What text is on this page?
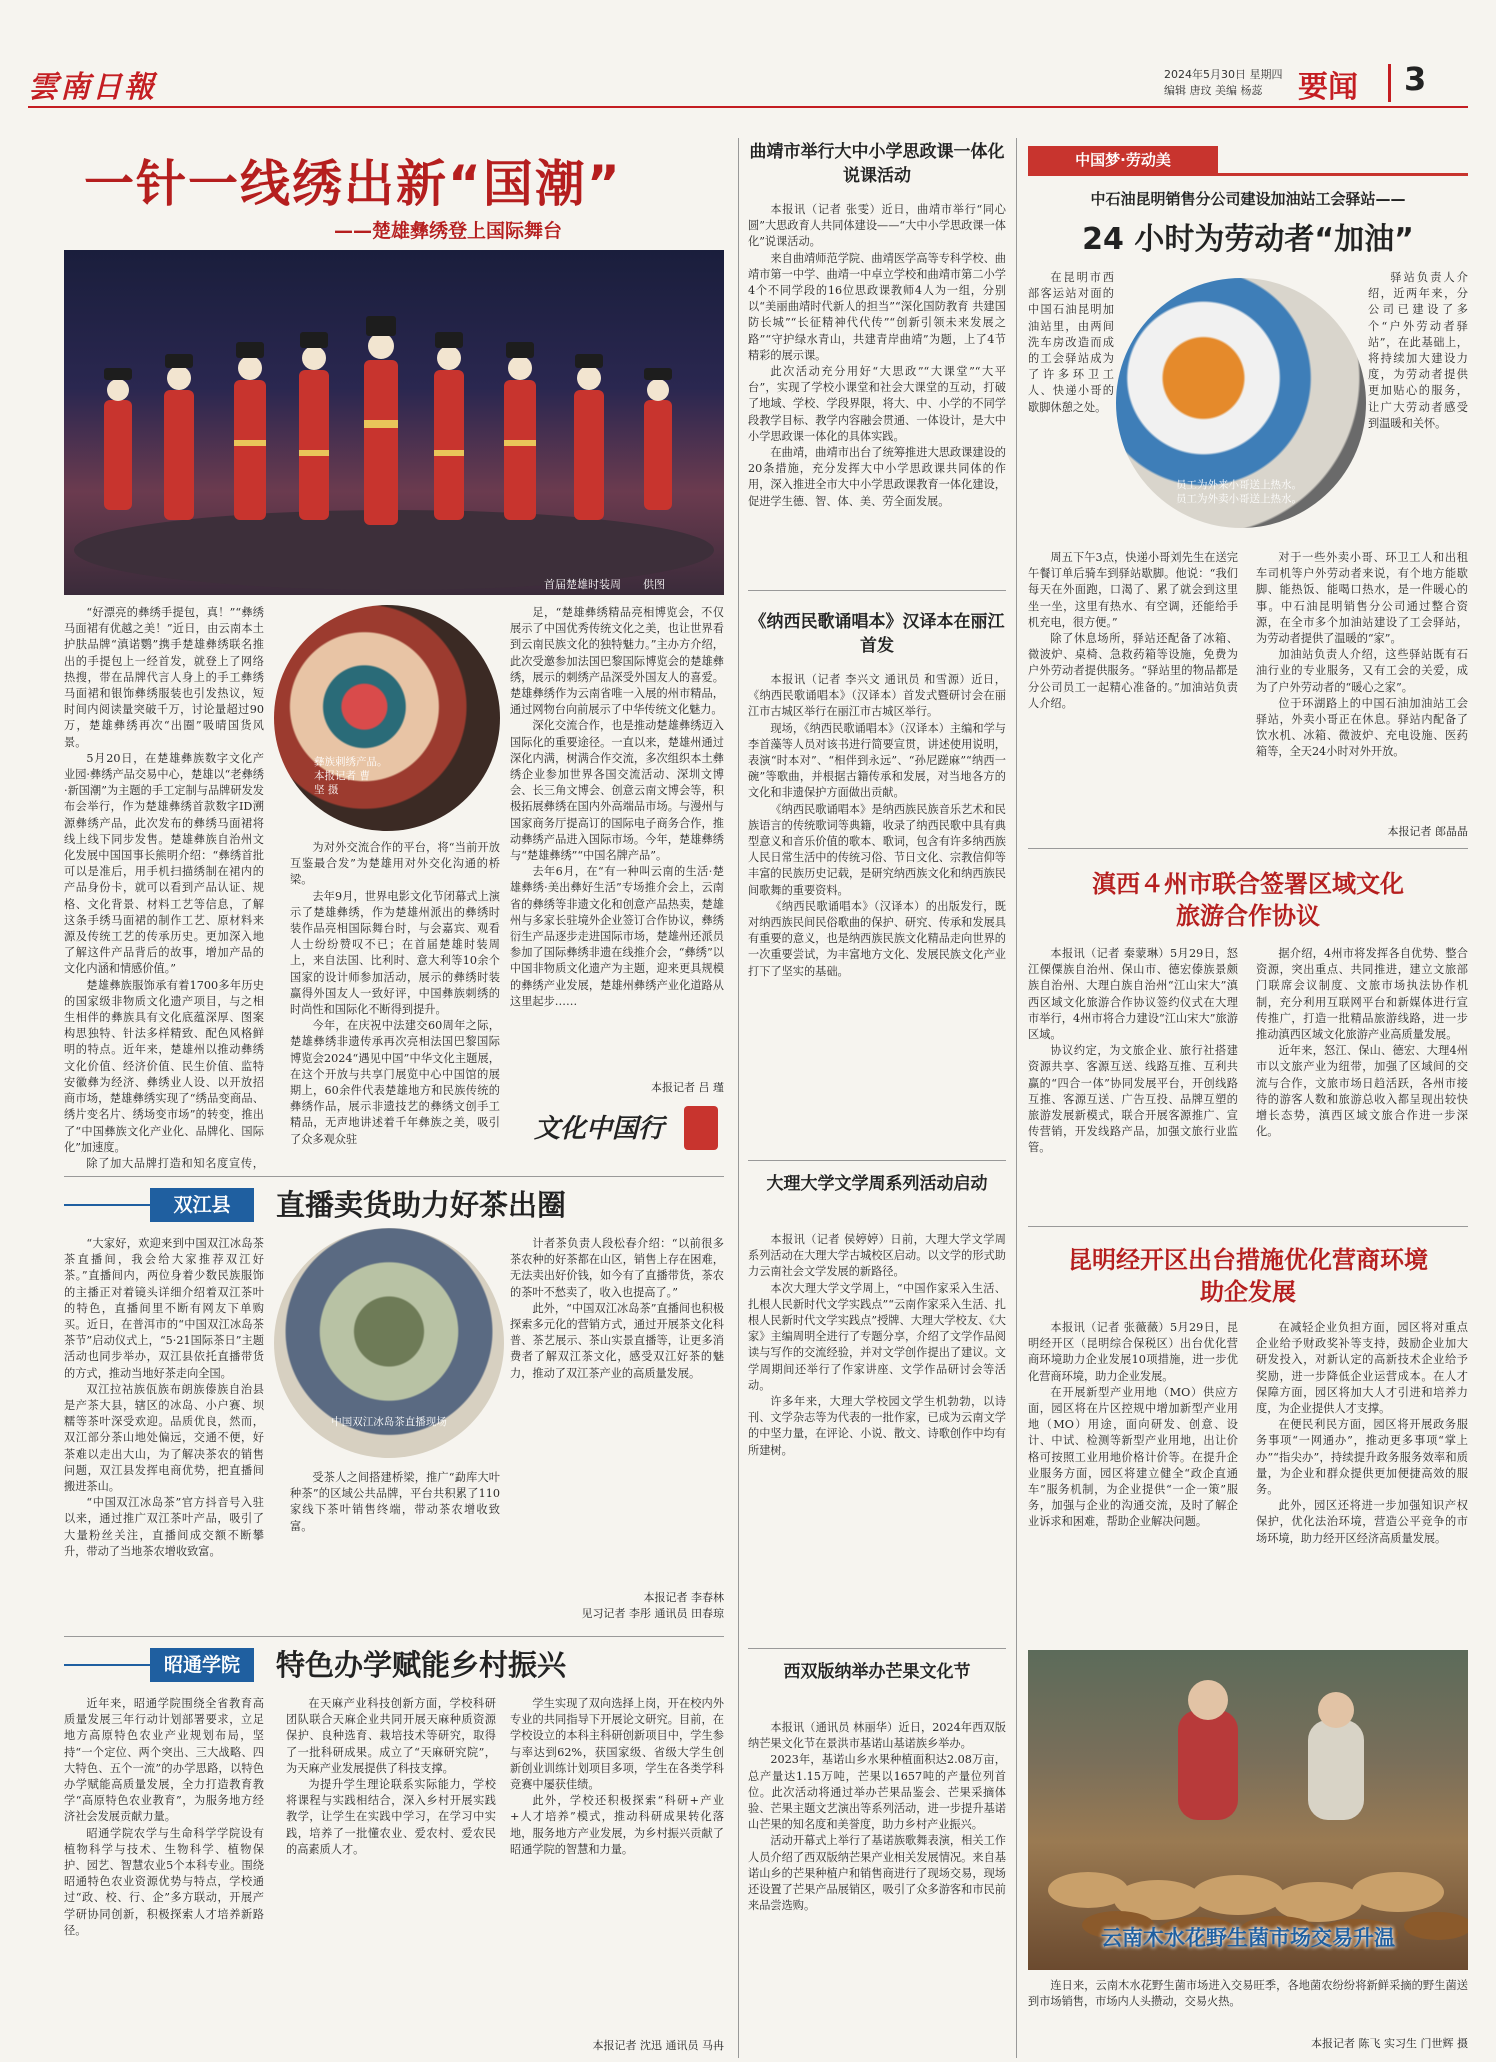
雲南日報	2024年5月30日 星期四
编辑 唐玟 美编 杨蕊	要闻	3
一针一线绣出新“国潮”
——楚雄彝绣登上国际舞台
首届楚雄时装周　　供图

“好漂亮的彝绣手提包，真！”“彝绣马面裙有优越之美！”近日，由云南本土护肤品牌“滇诺鹦”携手楚雄彝绣联名推出的手提包上一经首发，就登上了网络热搜，带在品牌代言人身上的手工彝绣马面裙和银饰彝绣服装也引发热议，短时间内阅读量突破千万，讨论量超过90万，楚雄彝绣再次“出圈”吸晴国货风景。

5月20日，在楚雄彝族数字文化产业园·彝绣产品交易中心，楚雄以“老彝绣·新国潮”为主题的手工定制与品牌研发发布会举行，作为楚雄彝绣首款数字ID溯源彝绣产品，此次发布的彝绣马面裙将线上线下同步发售。楚雄彝族自治州文化发展中国国事长熊明介绍：“彝绣首批可以是准后，用手机扫描绣制在裙内的产品身份卡，就可以看到产品认证、规格、文化背景、材料工艺等信息，了解这条手绣马面裙的制作工艺、原材料来源及传统工艺的传承历史。更加深入地了解这件产品背后的故事，增加产品的文化内涵和情感价值。”

楚雄彝族服饰承有着1700多年历史的国家级非物质文化遗产项目，与之相生相伴的彝族具有文化底蕴深厚、图案构思独特、针法多样精致、配色风格鲜明的特点。近年来，楚雄州以推动彝绣文化价值、经济价值、民生价值、监特安徽彝为经济、彝绣业人设、以开放招商市场，楚雄彝绣实现了“绣品变商品、绣片变名片、绣场变市场”的转变，推出了“中国彝族文化产业化、品牌化、国际化”加速度。

除了加大品牌打造和知名度宣传，

彝族刺绣产品。
本报记者 曹　
坚 摄

为对外交流合作的平台，将“当前开放互鉴最合发”为楚雄用对外交化沟通的桥梁。

去年9月，世界电影文化节闭幕式上演示了楚雄彝绣，作为楚雄州派出的彝绣时装作品亮相国际舞台时，与会嘉宾、观看人士纷纷赞叹不已；在首届楚雄时装周上，来自法国、比利时、意大利等10余个国家的设计师参加活动，展示的彝绣时装赢得外国友人一致好评，中国彝族刺绣的时尚性和国际化不断得到提升。

今年，在庆祝中法建交60周年之际，楚雄彝绣非遗传承再次亮相法国巴黎国际博览会2024“遇见中国”中华文化主题展，在这个开放与共享门展览中心中国馆的展期上，60余件代表楚雄地方和民族传统的彝绣作品，展示非遗技艺的彝绣文创手工精品，无声地讲述着千年彝族之美，吸引了众多观众驻

足，“楚雄彝绣精品亮相博览会，不仅展示了中国优秀传统文化之美，也让世界看到云南民族文化的独特魅力。”主办方介绍，此次受邀参加法国巴黎国际博览会的楚雄彝绣，展示的刺绣产品深受外国友人的喜爱。楚雄彝绣作为云南省唯一入展的州市精品，通过网物台向前展示了中华传统文化魅力。

深化交流合作，也是推动楚雄彝绣迈入国际化的重要途径。一直以来，楚雄州通过深化内满，树满合作交流，多次组织本土彝绣企业参加世界各国交流活动、深圳文博会、长三角文博会、创意云南文博会等，积极拓展彝绣在国内外高端品市场。与漫州与国家商务厅提高订的国际电子商务合作，推动彝绣产品进入国际市场。今年，楚雄彝绣与“楚雄彝绣”“中国名牌产品”。

去年6月，在“有一种叫云南的生活·楚雄彝绣·美出彝好生活”专场推介会上，云南省的彝绣等非遗文化和创意产品热卖，楚雄州与多家长驻境外企业签订合作协议，彝绣衍生产品逐步走进国际市场，楚雄州还派员参加了国际彝绣非遗在线推介会，“彝绣”以中国非物质文化遗产为主题，迎来更具规模的彝绣产业发展，楚雄州彝绣产业化道路从这里起步……

本报记者 吕 瑾
文化中国行
曲靖市举行大中小学思政课一体化说课活动

本报讯（记者 张雯）近日，曲靖市举行“同心圆”大思政育人共同体建设——“大中小学思政课一体化”说课活动。

来自曲靖师范学院、曲靖医学高等专科学校、曲靖市第一中学、曲靖一中卓立学校和曲靖市第二小学4个不同学段的16位思政课教师4人为一组，分别以“美丽曲靖时代新人的担当”“深化国防教育 共建国防长城”“长征精神代代传”“创新引领未来发展之路”“守护绿水青山，共建青岸曲靖”为题，上了4节精彩的展示课。

此次活动充分用好“大思政”“大课堂”“大平台”，实现了学校小课堂和社会大课堂的互动，打破了地域、学校、学段界限，将大、中、小学的不同学段教学目标、教学内容融会贯通、一体设计，是大中小学思政课一体化的具体实践。

在曲靖，曲靖市出台了统筹推进大思政课建设的20条措施，充分发挥大中小学思政课共同体的作用，深入推进全市大中小学思政课教育一体化建设，促进学生德、智、体、美、劳全面发展。

《纳西民歌诵唱本》汉译本在丽江首发

本报讯（记者 李兴文 通讯员 和雪源）近日，《纳西民歌诵唱本》（汉译本）首发式暨研讨会在丽江市古城区举行在丽江市古城区举行。

现场，《纳西民歌诵唱本》（汉译本）主编和学与李首藻等人员对该书进行简要宣贯，讲述使用说明，表演“时本对”、“相伴到永远”、“孙尼蹉麻”“纳西一碗”等歌曲，并根据古籍传承和发展，对当地各方的文化和非遗保护方面做出贡献。

《纳西民歌诵唱本》是纳西族民族音乐艺术和民族语言的传统歌词等典籍，收录了纳西民歌中具有典型意义和音乐价值的歌本、歌词，包含有许多纳西族人民日常生活中的传统习俗、节日文化、宗教信仰等丰富的民族历史记载，是研究纳西族文化和纳西族民间歌舞的重要资料。

《纳西民歌诵唱本》（汉译本）的出版发行，既对纳西族民间民俗歌曲的保护、研究、传承和发展具有重要的意义，也是纳西族民族文化精品走向世界的一次重要尝试，为丰富地方文化、发展民族文化产业打下了坚实的基础。

大理大学文学周系列活动启动

本报讯（记者 侯婷婷）日前，大理大学文学周系列活动在大理大学古城校区启动。以文学的形式助力云南社会文学发展的新路径。

本次大理大学文学周上，“中国作家采入生活、扎根人民新时代文学实践点”“云南作家采入生活、扎根人民新时代文学实践点”授牌、大理大学校友、《大家》主编周明全进行了专题分享，介绍了文学作品阅读与写作的交流经验，并对文学创作提出了建议。文学周期间还举行了作家讲座、文学作品研讨会等活动。

许多年来，大理大学校园文学生机勃勃，以诗刊、文学杂志等为代表的一批作家，已成为云南文学的中坚力量，在评论、小说、散文、诗歌创作中均有所建树。

西双版纳举办芒果文化节

本报讯（通讯员 林丽华）近日，2024年西双版纳芒果文化节在景洪市基诺山基诺族乡举办。

2023年，基诺山乡水果种植面积达2.08万亩，总产量达1.15万吨，芒果以1657吨的产量位列首位。此次活动将通过举办芒果品鉴会、芒果采摘体验、芒果主题文艺演出等系列活动，进一步提升基诺山芒果的知名度和美誉度，助力乡村产业振兴。

活动开幕式上举行了基诺族歌舞表演，相关工作人员介绍了西双版纳芒果产业相关发展情况。来自基诺山乡的芒果种植户和销售商进行了现场交易，现场还设置了芒果产品展销区，吸引了众多游客和市民前来品尝选购。

中国梦·劳动美
中石油昆明销售分公司建设加油站工会驿站——
24 小时为劳动者“加油”

在昆明市西部客运站对面的中国石油昆明加油站里，由两间洗车房改造而成的工会驿站成为了许多环卫工人、快递小哥的歇脚休憩之处。

员工为外来小哥送上热水。
员工为外卖小哥送上热水。

驿站负责人介绍，近两年来，分公司已建设了多个“户外劳动者驿站”，在此基础上，将持续加大建设力度，为劳动者提供更加贴心的服务，让广大劳动者感受到温暖和关怀。

周五下午3点，快递小哥刘先生在送完午餐订单后骑车到驿站歇脚。他说：“我们每天在外面跑，口渴了、累了就会到这里坐一坐，这里有热水、有空调，还能给手机充电，很方便。”

除了休息场所，驿站还配备了冰箱、微波炉、桌椅、急救药箱等设施，免费为户外劳动者提供服务。“驿站里的物品都是分公司员工一起精心准备的。”加油站负责人介绍。

对于一些外卖小哥、环卫工人和出租车司机等户外劳动者来说，有个地方能歇脚、能热饭、能喝口热水，是一件暖心的事。中石油昆明销售分公司通过整合资源，在全市多个加油站建设了工会驿站，为劳动者提供了温暖的“家”。

加油站负责人介绍，这些驿站既有石油行业的专业服务，又有工会的关爱，成为了户外劳动者的“暖心之家”。

位于环湖路上的中国石油加油站工会驿站，外卖小哥正在休息。驿站内配备了饮水机、冰箱、微波炉、充电设施、医药箱等，全天24小时对外开放。

本报记者 郎晶晶
滇西４州市联合签署区域文化旅游合作协议

本报讯（记者 秦蒙琳）5月29日，怒江傈僳族自治州、保山市、德宏傣族景颇族自治州、大理白族自治州“江山宋大”滇西区域文化旅游合作协议签约仪式在大理市举行，4州市将合力建设“江山宋大”旅游区域。

协议约定，为文旅企业、旅行社搭建资源共享、客源互送、线路互推、互利共赢的“四合一体”协同发展平台，开创线路互推、客源互送、广告互投、品牌互塑的旅游发展新模式，联合开展客源推广、宣传营销，开发线路产品，加强文旅行业监管。

据介绍，4州市将发挥各自优势、整合资源，突出重点、共同推进，建立文旅部门联席会议制度、文旅市场执法协作机制，充分利用互联网平台和新媒体进行宣传推广，打造一批精品旅游线路，进一步推动滇西区域文化旅游产业高质量发展。

近年来，怒江、保山、德宏、大理4州市以文旅产业为纽带，加强了区域间的交流与合作，文旅市场日趋活跃，各州市接待的游客人数和旅游总收入都呈现出较快增长态势，滇西区域文旅合作进一步深化。

昆明经开区出台措施优化营商环境助企发展

本报讯（记者 张薇薇）5月29日，昆明经开区（昆明综合保税区）出台优化营商环境助力企业发展10项措施，进一步优化营商环境，助力企业发展。

在开展新型产业用地（MO）供应方面，园区将在片区控规中增加新型产业用地（MO）用途，面向研发、创意、设计、中试、检测等新型产业用地，出让价格可按照工业用地价格计价等。在提升企业服务方面，园区将建立健全“政企直通车”服务机制，为企业提供“一企一策”服务，加强与企业的沟通交流，及时了解企业诉求和困难，帮助企业解决问题。

在减轻企业负担方面，园区将对重点企业给予财政奖补等支持，鼓励企业加大研发投入，对新认定的高新技术企业给予奖励，进一步降低企业运营成本。在人才保障方面，园区将加大人才引进和培养力度，为企业提供人才支撑。

在便民利民方面，园区将开展政务服务事项“一网通办”，推动更多事项“掌上办”“指尖办”，持续提升政务服务效率和质量，为企业和群众提供更加便捷高效的服务。

此外，园区还将进一步加强知识产权保护，优化法治环境，营造公平竞争的市场环境，助力经开区经济高质量发展。

云南木水花野生菌市场交易升温

连日来，云南木水花野生菌市场进入交易旺季，各地菌农纷纷将新鲜采摘的野生菌送到市场销售，市场内人头攒动，交易火热。

本报记者 陈飞 实习生 门世辉 摄
双江县	直播卖货助力好茶出圈

“大家好，欢迎来到中国双江冰岛茶茶直播间，我会给大家推荐双江好茶。”直播间内，两位身着少数民族服饰的主播正对着镜头详细介绍着双江茶叶的特色，直播间里不断有网友下单购买。近日，在普洱市的“中国双江冰岛茶茶节”启动仪式上，“5·21国际茶日”主题活动也同步举办，双江县依托直播带货的方式，推动当地好茶走向全国。

双江拉祜族佤族布朗族傣族自治县是产茶大县，辖区的冰岛、小户赛、坝糯等茶叶深受欢迎。品质优良，然而，双江部分茶山地处偏远，交通不便，好茶难以走出大山，为了解决茶农的销售问题，双江县发挥电商优势，把直播间搬进茶山。

“中国双江冰岛茶”官方抖音号入驻以来，通过推广双江茶叶产品，吸引了大量粉丝关注，直播间成交额不断攀升，带动了当地茶农增收致富。

中国双江冰岛茶直播现场

受茶人之间搭建桥梁，推广“勐库大叶种茶”的区域公共品牌，平台共积累了110家线下茶叶销售终端，带动茶农增收致富。

计者茶负责人段松春介绍：“以前很多茶农种的好茶都在山区，销售上存在困难，无法卖出好价钱，如今有了直播带货，茶农的茶叶不愁卖了，收入也提高了。”

此外，“中国双江冰岛茶”直播间也积极探索多元化的营销方式，通过开展茶文化科普、茶艺展示、茶山实景直播等，让更多消费者了解双江茶文化，感受双江好茶的魅力，推动了双江茶产业的高质量发展。

本报记者 李春林
见习记者 李彤 通讯员 田春琼
昭通学院	特色办学赋能乡村振兴

近年来，昭通学院围绕全省教育高质量发展三年行动计划部署要求，立足地方高原特色农业产业规划布局，坚持“一个定位、两个突出、三大战略、四大特色、五个一流”的办学思路，以特色办学赋能高质量发展，全力打造教育教学“高原特色农业教育”，为服务地方经济社会发展贡献力量。

昭通学院农学与生命科学学院设有植物科学与技术、生物科学、植物保护、园艺、智慧农业5个本科专业。围绕昭通特色农业资源优势与特点，学校通过“政、校、行、企”多方联动，开展产学研协同创新，积极探索人才培养新路径。

在天麻产业科技创新方面，学校科研团队联合天麻企业共同开展天麻种质资源保护、良种选育、栽培技术等研究，取得了一批科研成果。成立了“天麻研究院”，为天麻产业发展提供了科技支撑。

为提升学生理论联系实际能力，学校将课程与实践相结合，深入乡村开展实践教学，让学生在实践中学习，在学习中实践，培养了一批懂农业、爱农村、爱农民的高素质人才。

学生实现了双向选择上岗，开在校内外专业的共同指导下开展论文研究。目前，在学校设立的本科主科研创新项目中，学生参与率达到62%，获国家级、省级大学生创新创业训练计划项目多项，学生在各类学科竞赛中屡获佳绩。

此外，学校还积极探索“科研+产业+人才培养”模式，推动科研成果转化落地，服务地方产业发展，为乡村振兴贡献了昭通学院的智慧和力量。

本报记者 沈迅 通讯员 马冉
